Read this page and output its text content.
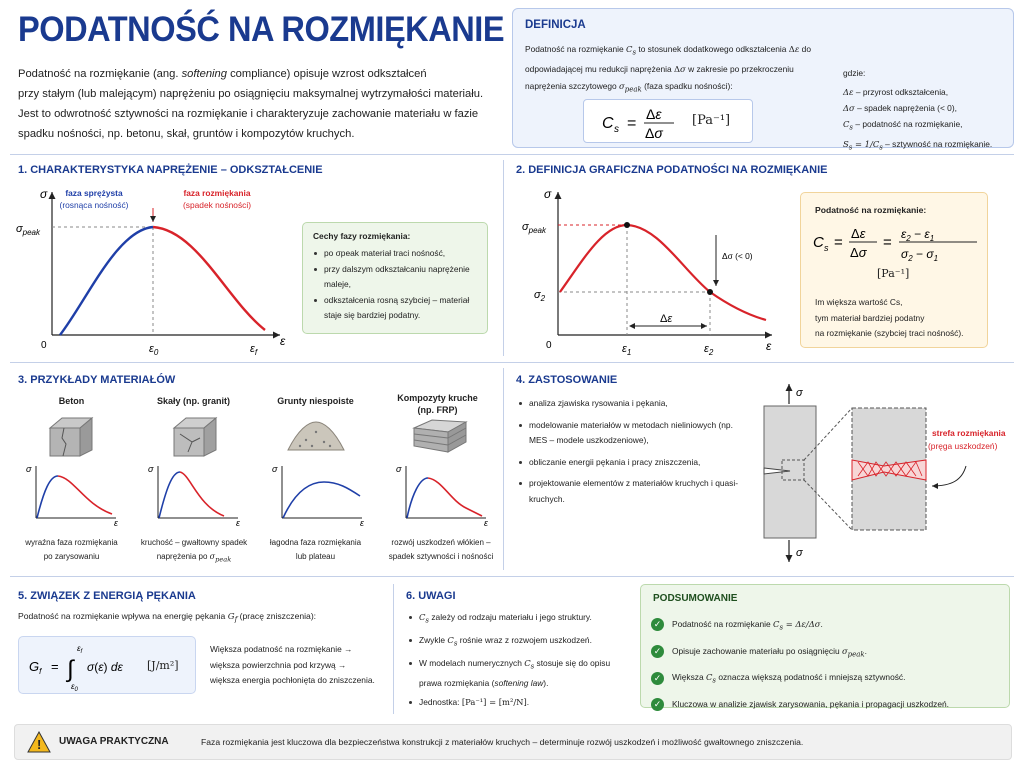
PODATNOŚĆ NA ROZMIĘKANIE
Podatność na rozmiękanie (ang. softening compliance) opisuje wzrost odkształceń
przy stałym (lub malejącym) naprężeniu po osiągnięciu maksymalnej wytrzymałości materiału.
Jest to odwrotność sztywności na rozmiękanie i charakteryzuje zachowanie materiału w fazie
spadku nośności, np. betonu, skał, gruntów i kompozytów kruchych.
DEFINICJA
Podatność na rozmiękanie $C_s$ to stosunek dodatkowego odkształcenia Δε do odpowiadającej mu redukcji naprężenia Δσ w zakresie po przekroczeniu naprężenia szczytowego $\sigma_{peak}$ (faza spadku nośności):
C s =
Δε
Δσ
[Pa⁻¹]
gdzie:
Δε – przyrost odkształcenia,
Δσ – spadek naprężenia (< 0),
$C_s$ – podatność na rozmiękanie,
$S_s = 1/C_s$ – sztywność na rozmiękanie.
1. CHARAKTERYSTYKA NAPRĘŻENIE – ODKSZTAŁCENIE
σ
ε
0
$\sigma_{peak}$
faza sprężysta
(rosnąca nośność)
faza rozmiękania
(spadek nośności)
$\varepsilon_0$	$\varepsilon_f$
Cechy fazy rozmiękania:
po σpeak materiał traci nośność,
przy dalszym odkształcaniu naprężenie maleje,
odkształcenia rosną szybciej – materiał staje się bardziej podatny.
2. DEFINICJA GRAFICZNA PODATNOŚCI NA ROZMIĘKANIE
σ
ε
0
$\sigma_{peak}$
$\sigma_2$
Δσ (< 0)
Δε
$\varepsilon_1$	$\varepsilon_2$
Podatność na rozmiękanie:
C s =
Δε
Δσ
= $\varepsilon_2 - \varepsilon_1$
$\sigma_2 - \sigma_1$
[Pa⁻¹]
Im większa wartość Cs,
tym materiał bardziej podatny
na rozmiękanie (szybciej traci nośność).
3. PRZYKŁADY MATERIAŁÓW
Beton
σ
ε
wyraźna faza rozmiękania
po zarysowaniu
Skały (np. granit)
σ
ε
kruchość – gwałtowny spadek
naprężenia po $\sigma_{peak}$
Grunty niespoiste
σ
ε
łagodna faza rozmiękania
lub plateau
Kompozyty kruche
(np. FRP)
σ
ε
rozwój uszkodzeń włókien –
spadek sztywności i nośności
4. ZASTOSOWANIE
analiza zjawiska rysowania i pękania,
modelowanie materiałów w metodach nieliniowych (np. MES – modele uszkodzeniowe),
obliczanie energii pękania i pracy zniszczenia,
projektowanie elementów z materiałów kruchych i quasi-kruchych.
σ
σ
strefa rozmiękania
(pręga uszkodzeń)
5. ZWIĄZEK Z ENERGIĄ PĘKANIA
Podatność na rozmiękanie wpływa na energię pękania $G_f$ (pracę zniszczenia):
$G_f$ = ∫
$\varepsilon_f$
$\varepsilon_0$
σ(ε) dε [J/m²]
Większa podatność na rozmiękanie →
większa powierzchnia pod krzywą →
większa energia pochłonięta do zniszczenia.
6. UWAGI
$C_s$ zależy od rodzaju materiału i jego struktury.
Zwykle $C_s$ rośnie wraz z rozwojem uszkodzeń.
W modelach numerycznych $C_s$ stosuje się do opisu prawa rozmiękania (softening law).
Jednostka: [Pa⁻¹] = [m²/N].
PODSUMOWANIE
✓ Podatność na rozmiękanie $C_s = \Delta\varepsilon/\Delta\sigma$.
✓ Opisuje zachowanie materiału po osiągnięciu $\sigma_{peak}$.
✓ Większa $C_s$ oznacza większą podatność i mniejszą sztywność.
✓ Kluczowa w analizie zjawisk zarysowania, pękania i propagacji uszkodzeń.
! UWAGA PRAKTYCZNA	Faza rozmiękania jest kluczowa dla bezpieczeństwa konstrukcji z materiałów kruchych – determinuje rozwój uszkodzeń i możliwość gwałtownego zniszczenia.
